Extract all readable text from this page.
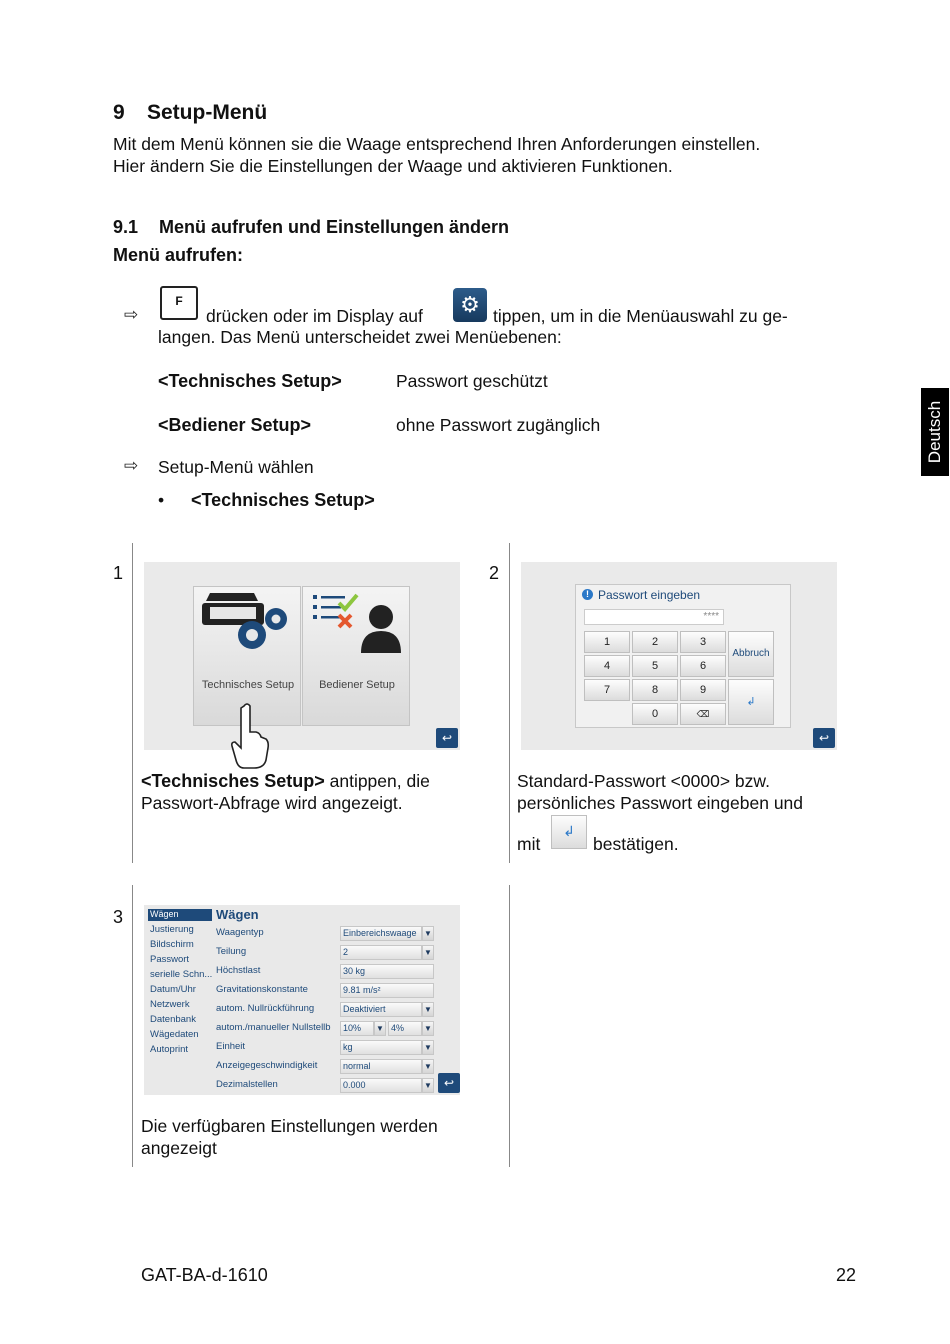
9 Setup-Menü
Mit dem Menü können sie die Waage entsprechend Ihren Anforderungen einstellen.
Hier ändern Sie die Einstellungen der Waage und aktivieren Funktionen.
9.1 Menü aufrufen und Einstellungen ändern
Menü aufrufen:
⇨
F
drücken oder im Display auf	⚙ tippen, um in die Menüauswahl zu ge-
langen. Das Menü unterscheidet zwei Menüebenen:
<Technisches Setup>	Passwort geschützt
<Bediener Setup>	ohne Passwort zugänglich
⇨ Setup-Menü wählen
• <Technisches Setup>
Deutsch
1
Technisches Setup	Bediener Setup
↩
<Technisches Setup> antippen, die
Passwort-Abfrage wird angezeigt.
2
! Passwort eingeben
****
1	2	3
Abbruch
4	5	6
7	8	9
↲
0	⌫
↩
Standard-Passwort <0000> bzw.
persönliches Passwort eingeben und
mit
↲
bestätigen.
3	Wägen
Justierung
Bildschirm
Passwort
serielle Schn...
Datum/Uhr
Netzwerk
Datenbank
Wägedaten
Autoprint
Wägen
Waagentyp	Einbereichswaage ▼
Teilung	2	▼
Höchstlast	30 kg
Gravitationskonstante	9.81 m/s²
autom. Nullrückführung	Deaktiviert	▼
autom./manueller Nullstellb	10%	▼ 4%	▼
Einheit	kg	▼
Anzeigegeschwindigkeit	normal	▼
Dezimalstellen	0.000	▼	↩
Die verfügbaren Einstellungen werden
angezeigt
GAT-BA-d-1610	22
